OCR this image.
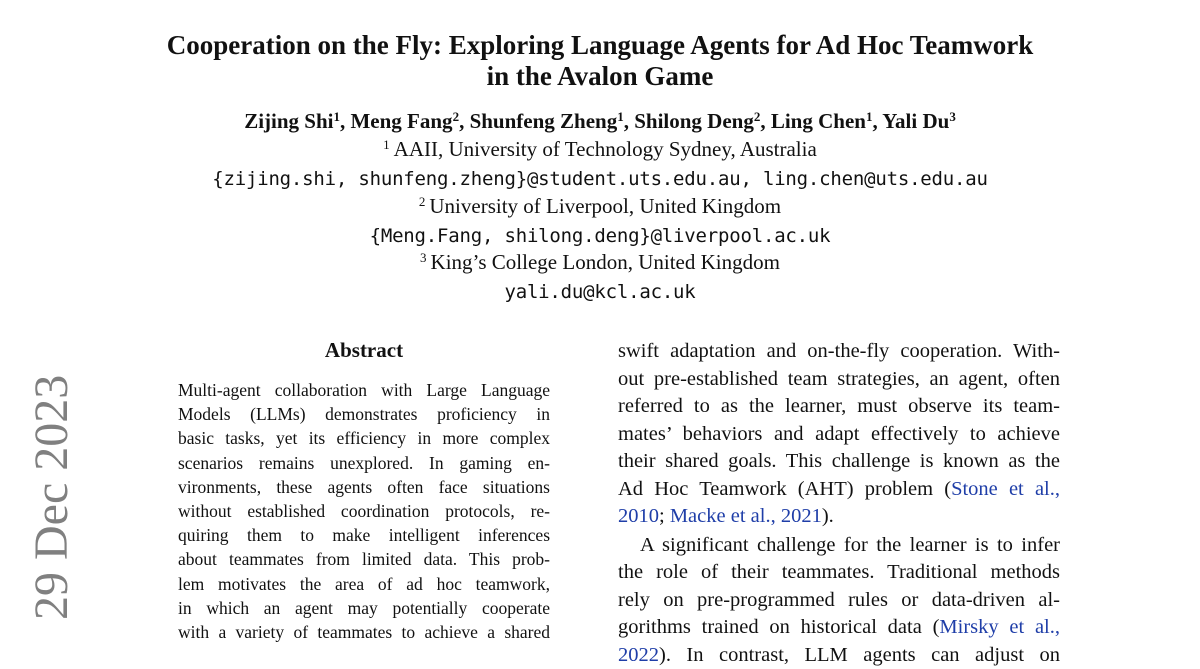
29 Dec 2023
Cooperation on the Fly: Exploring Language Agents for Ad Hoc Teamwork
in the Avalon Game
Zijing Shi$^1$, Meng Fang$^2$, Shunfeng Zheng$^1$, Shilong Deng$^2$, Ling Chen$^1$, Yali Du$^3$
$^1$ AAII, University of Technology Sydney, Australia
{zijing.shi, shunfeng.zheng}@student.uts.edu.au, ling.chen@uts.edu.au
$^2$ University of Liverpool, United Kingdom
{Meng.Fang, shilong.deng}@liverpool.ac.uk
$^3$ King’s College London, United Kingdom
yali.du@kcl.ac.uk
Abstract
Multi-agent collaboration with Large Language
Models (LLMs) demonstrates proficiency in
basic tasks, yet its efficiency in more complex
scenarios remains unexplored. In gaming en-
vironments, these agents often face situations
without established coordination protocols, re-
quiring them to make intelligent inferences
about teammates from limited data. This prob-
lem motivates the area of ad hoc teamwork,
in which an agent may potentially cooperate
with a variety of teammates to achieve a shared
swift adaptation and on-the-fly cooperation. With-
out pre-established team strategies, an agent, often
referred to as the learner, must observe its team-
mates’ behaviors and adapt effectively to achieve
their shared goals. This challenge is known as the
Ad Hoc Teamwork (AHT) problem (Stone et al.,
2010; Macke et al., 2021).
A significant challenge for the learner is to infer
the role of their teammates. Traditional methods
rely on pre-programmed rules or data-driven al-
gorithms trained on historical data (Mirsky et al.,
2022). In contrast, LLM agents can adjust on
